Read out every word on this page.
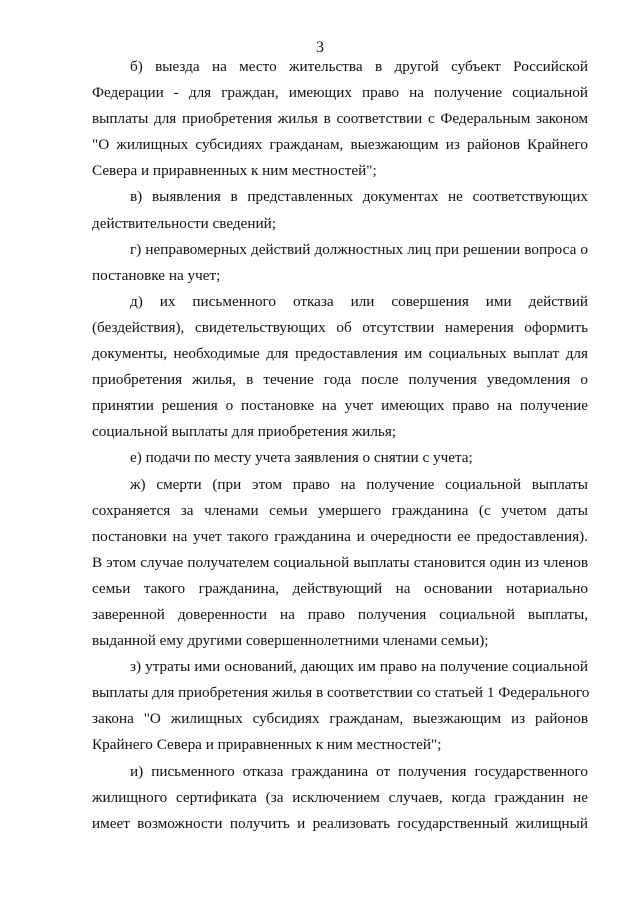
3
б) выезда на место жительства в другой субъект Российской
Федерации - для граждан, имеющих право на получение социальной
выплаты для приобретения жилья в соответствии с Федеральным законом
"О жилищных субсидиях гражданам, выезжающим из районов Крайнего
Севера и приравненных к ним местностей";
в) выявления в представленных документах не соответствующих
действительности сведений;
г) неправомерных действий должностных лиц при решении вопроса о
постановке на учет;
д) их письменного отказа или совершения ими действий
(бездействия), свидетельствующих об отсутствии намерения оформить
документы, необходимые для предоставления им социальных выплат для
приобретения жилья, в течение года после получения уведомления о
принятии решения о постановке на учет имеющих право на получение
социальной выплаты для приобретения жилья;
е) подачи по месту учета заявления о снятии с учета;
ж) смерти (при этом право на получение социальной выплаты
сохраняется за членами семьи умершего гражданина (с учетом даты
постановки на учет такого гражданина и очередности ее предоставления).
В этом случае получателем социальной выплаты становится один из членов
семьи такого гражданина, действующий на основании нотариально
заверенной доверенности на право получения социальной выплаты,
выданной ему другими совершеннолетними членами семьи);
з) утраты ими оснований, дающих им право на получение социальной
выплаты для приобретения жилья в соответствии со статьей 1 Федерального
закона "О жилищных субсидиях гражданам, выезжающим из районов
Крайнего Севера и приравненных к ним местностей";
и) письменного отказа гражданина от получения государственного
жилищного сертификата (за исключением случаев, когда гражданин не
имеет возможности получить и реализовать государственный жилищный
